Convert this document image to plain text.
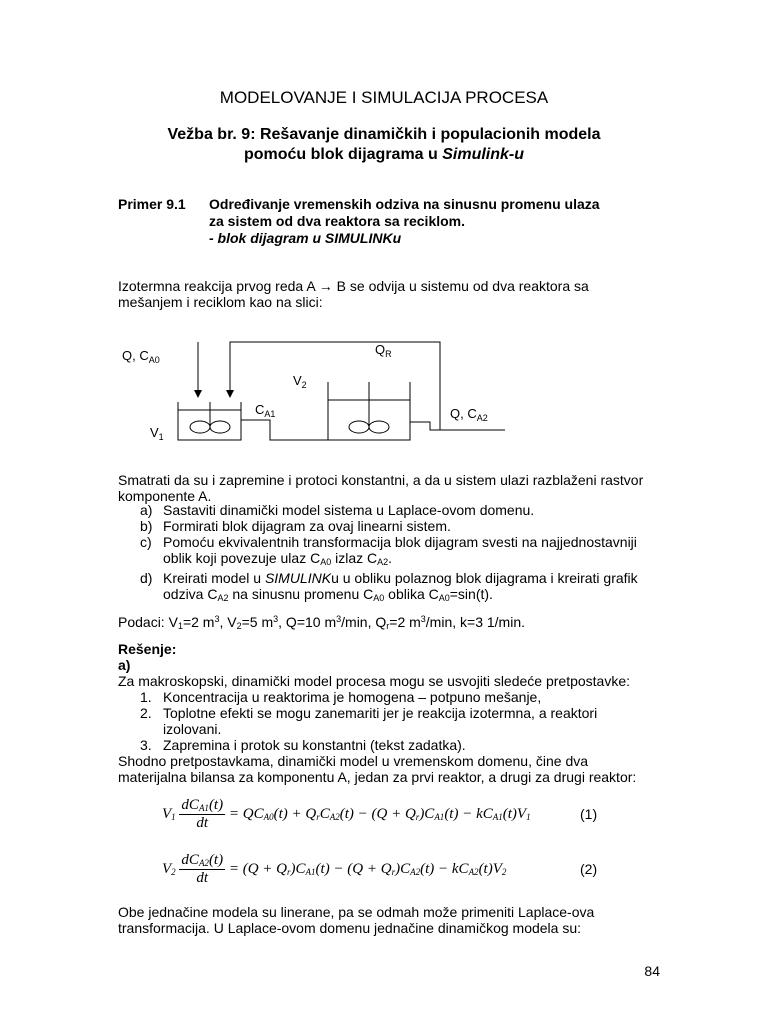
MODELOVANJE I SIMULACIJA PROCESA
Vežba br. 9: Rešavanje dinamičkih i populacionih modela
pomoću blok dijagrama u Simulink-u
Primer 9.1 Određivanje vremenskih odziva na sinusnu promenu ulaza
za sistem od dva reaktora sa reciklom.
- blok dijagram u SIMULINKu
Izotermna reakcija prvog reda A → B se odvija u sistemu od dva reaktora sa
mešanjem i reciklom kao na slici:
Q, $C_{A0}$
$Q_R$
$V_2$
$C_{A1}$	Q, $C_{A2}$
$V_1$
Smatrati da su i zapremine i protoci konstantni, a da u sistem ulazi razblaženi rastvor
komponente A.
a) Sastaviti dinamički model sistema u Laplace-ovom domenu.
b) Formirati blok dijagram za ovaj linearni sistem.
c) Pomoću ekvivalentnih transformacija blok dijagram svesti na najjednostavniji
oblik koji povezuje ulaz $C_{A0}$ izlaz $C_{A2}$.
d) Kreirati model u SIMULINKu u obliku polaznog blok dijagrama i kreirati grafik
odziva $C_{A2}$ na sinusnu promenu $C_{A0}$ oblika $C_{A0}=\sin(t)$.
Podaci: $V_1=2$ $m^3$, $V_2=5$ $m^3$, Q=10 $m^3/\min$, $Q_r=2$ $m^3/\min$, k=3 1/min.
Rešenje:
a)
Za makroskopski, dinamički model procesa mogu se usvojiti sledeće pretpostavke:
1. Koncentracija u reaktorima je homogena – potpuno mešanje,
2. Toplotne efekti se mogu zanemariti jer je reakcija izotermna, a reaktori
izolovani.
3. Zapremina i protok su konstantni (tekst zadatka).
Shodno pretpostavkama, dinamički model u vremenskom domenu, čine dva
materijalna bilansa za komponentu A, jedan za prvi reaktor, a drugi za drugi reaktor:
$V_1 \frac{dC_{A1}(t)}{dt} = QC_{A0}(t) + Q_rC_{A2}(t) - (Q + Q_r)C_{A1}(t) - kC_{A1}(t)V_1$	(1)
$V_2 \frac{dC_{A2}(t)}{dt} = (Q + Q_r)C_{A1}(t) - (Q + Q_r)C_{A2}(t) - kC_{A2}(t)V_2$	(2)
Obe jednačine modela su linerane, pa se odmah može primeniti Laplace-ova
transformacija. U Laplace-ovom domenu jednačine dinamičkog modela su:
84
